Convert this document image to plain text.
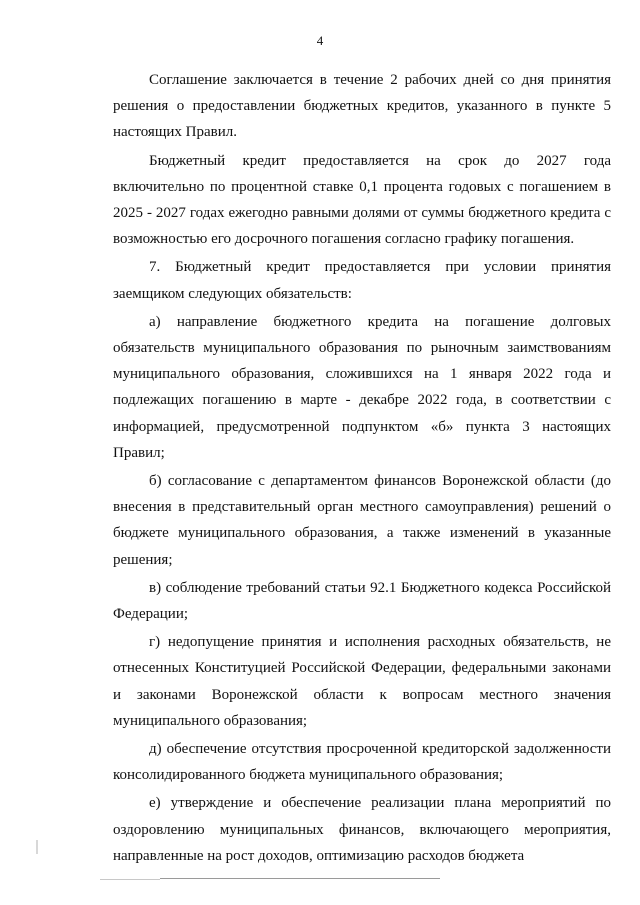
4

Соглашение заключается в течение 2 рабочих дней со дня принятия решения о предоставлении бюджетных кредитов, указанного в пункте 5 настоящих Правил.

Бюджетный кредит предоставляется на срок до 2027 года включительно по процентной ставке 0,1 процента годовых с погашением в 2025 - 2027 годах ежегодно равными долями от суммы бюджетного кредита с возможностью его досрочного погашения согласно графику погашения.

7. Бюджетный кредит предоставляется при условии принятия заемщиком следующих обязательств:

а) направление бюджетного кредита на погашение долговых обязательств муниципального образования по рыночным заимствованиям муниципального образования, сложившихся на 1 января 2022 года и подлежащих погашению в марте - декабре 2022 года, в соответствии с информацией, предусмотренной подпунктом «б» пункта 3 настоящих Правил;

б) согласование с департаментом финансов Воронежской области (до внесения в представительный орган местного самоуправления) решений о бюджете муниципального образования, а также изменений в указанные решения;

в) соблюдение требований статьи 92.1 Бюджетного кодекса Российской Федерации;

г) недопущение принятия и исполнения расходных обязательств, не отнесенных Конституцией Российской Федерации, федеральными законами и законами Воронежской области к вопросам местного значения муниципального образования;

д) обеспечение отсутствия просроченной кредиторской задолженности консолидированного бюджета муниципального образования;

е) утверждение и обеспечение реализации плана мероприятий по оздоровлению муниципальных финансов, включающего мероприятия, направленные на рост доходов, оптимизацию расходов бюджета
